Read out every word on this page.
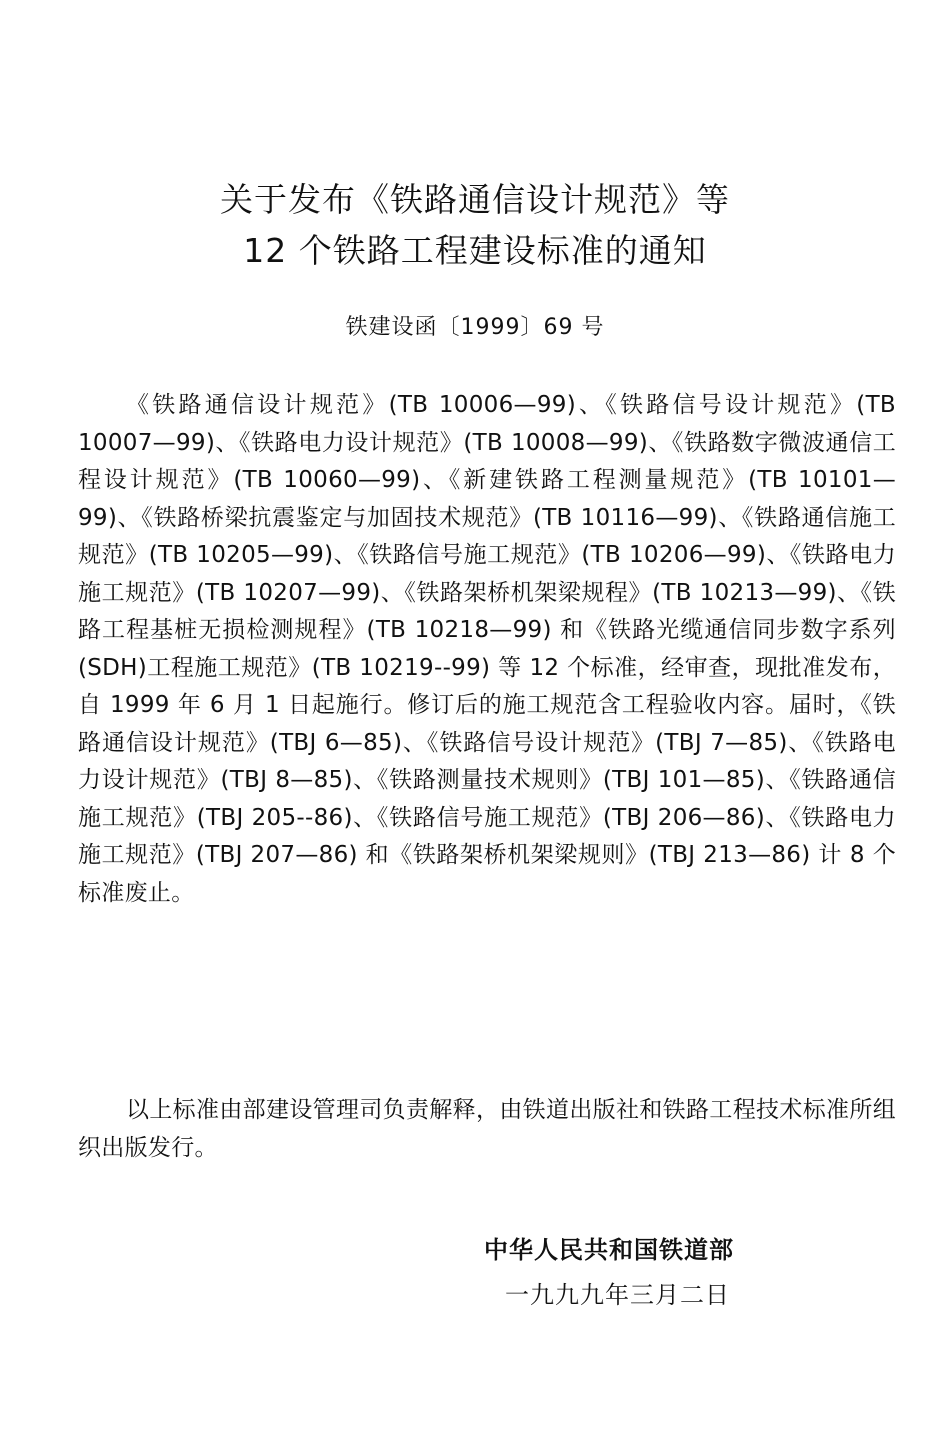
关于发布《铁路通信设计规范》等
12 个铁路工程建设标准的通知
铁建设函〔1999〕69 号

《铁路通信设计规范》(TB 10006—99)、《铁路信号设计规范》(TB 10007—99)、《铁路电力设计规范》(TB 10008—99)、《铁路数字微波通信工程设计规范》(TB 10060—99)、《新建铁路工程测量规范》(TB 10101—99)、《铁路桥梁抗震鉴定与加固技术规范》(TB 10116—99)、《铁路通信施工规范》(TB 10205—99)、《铁路信号施工规范》(TB 10206—99)、《铁路电力施工规范》(TB 10207—99)、《铁路架桥机架梁规程》(TB 10213—99)、《铁路工程基桩无损检测规程》(TB 10218—99) 和《铁路光缆通信同步数字系列(SDH)工程施工规范》(TB 10219--99) 等 12 个标准，经审查，现批准发布，自 1999 年 6 月 1 日起施行。修订后的施工规范含工程验收内容。届时，《铁路通信设计规范》(TBJ 6—85)、《铁路信号设计规范》(TBJ 7—85)、《铁路电力设计规范》(TBJ 8—85)、《铁路测量技术规则》(TBJ 101—85)、《铁路通信施工规范》(TBJ 205--86)、《铁路信号施工规范》(TBJ 206—86)、《铁路电力施工规范》(TBJ 207—86) 和《铁路架桥机架梁规则》(TBJ 213—86) 计 8 个标准废止。

以上标准由部建设管理司负责解释，由铁道出版社和铁路工程技术标准所组织出版发行。

中华人民共和国铁道部

一九九九年三月二日
